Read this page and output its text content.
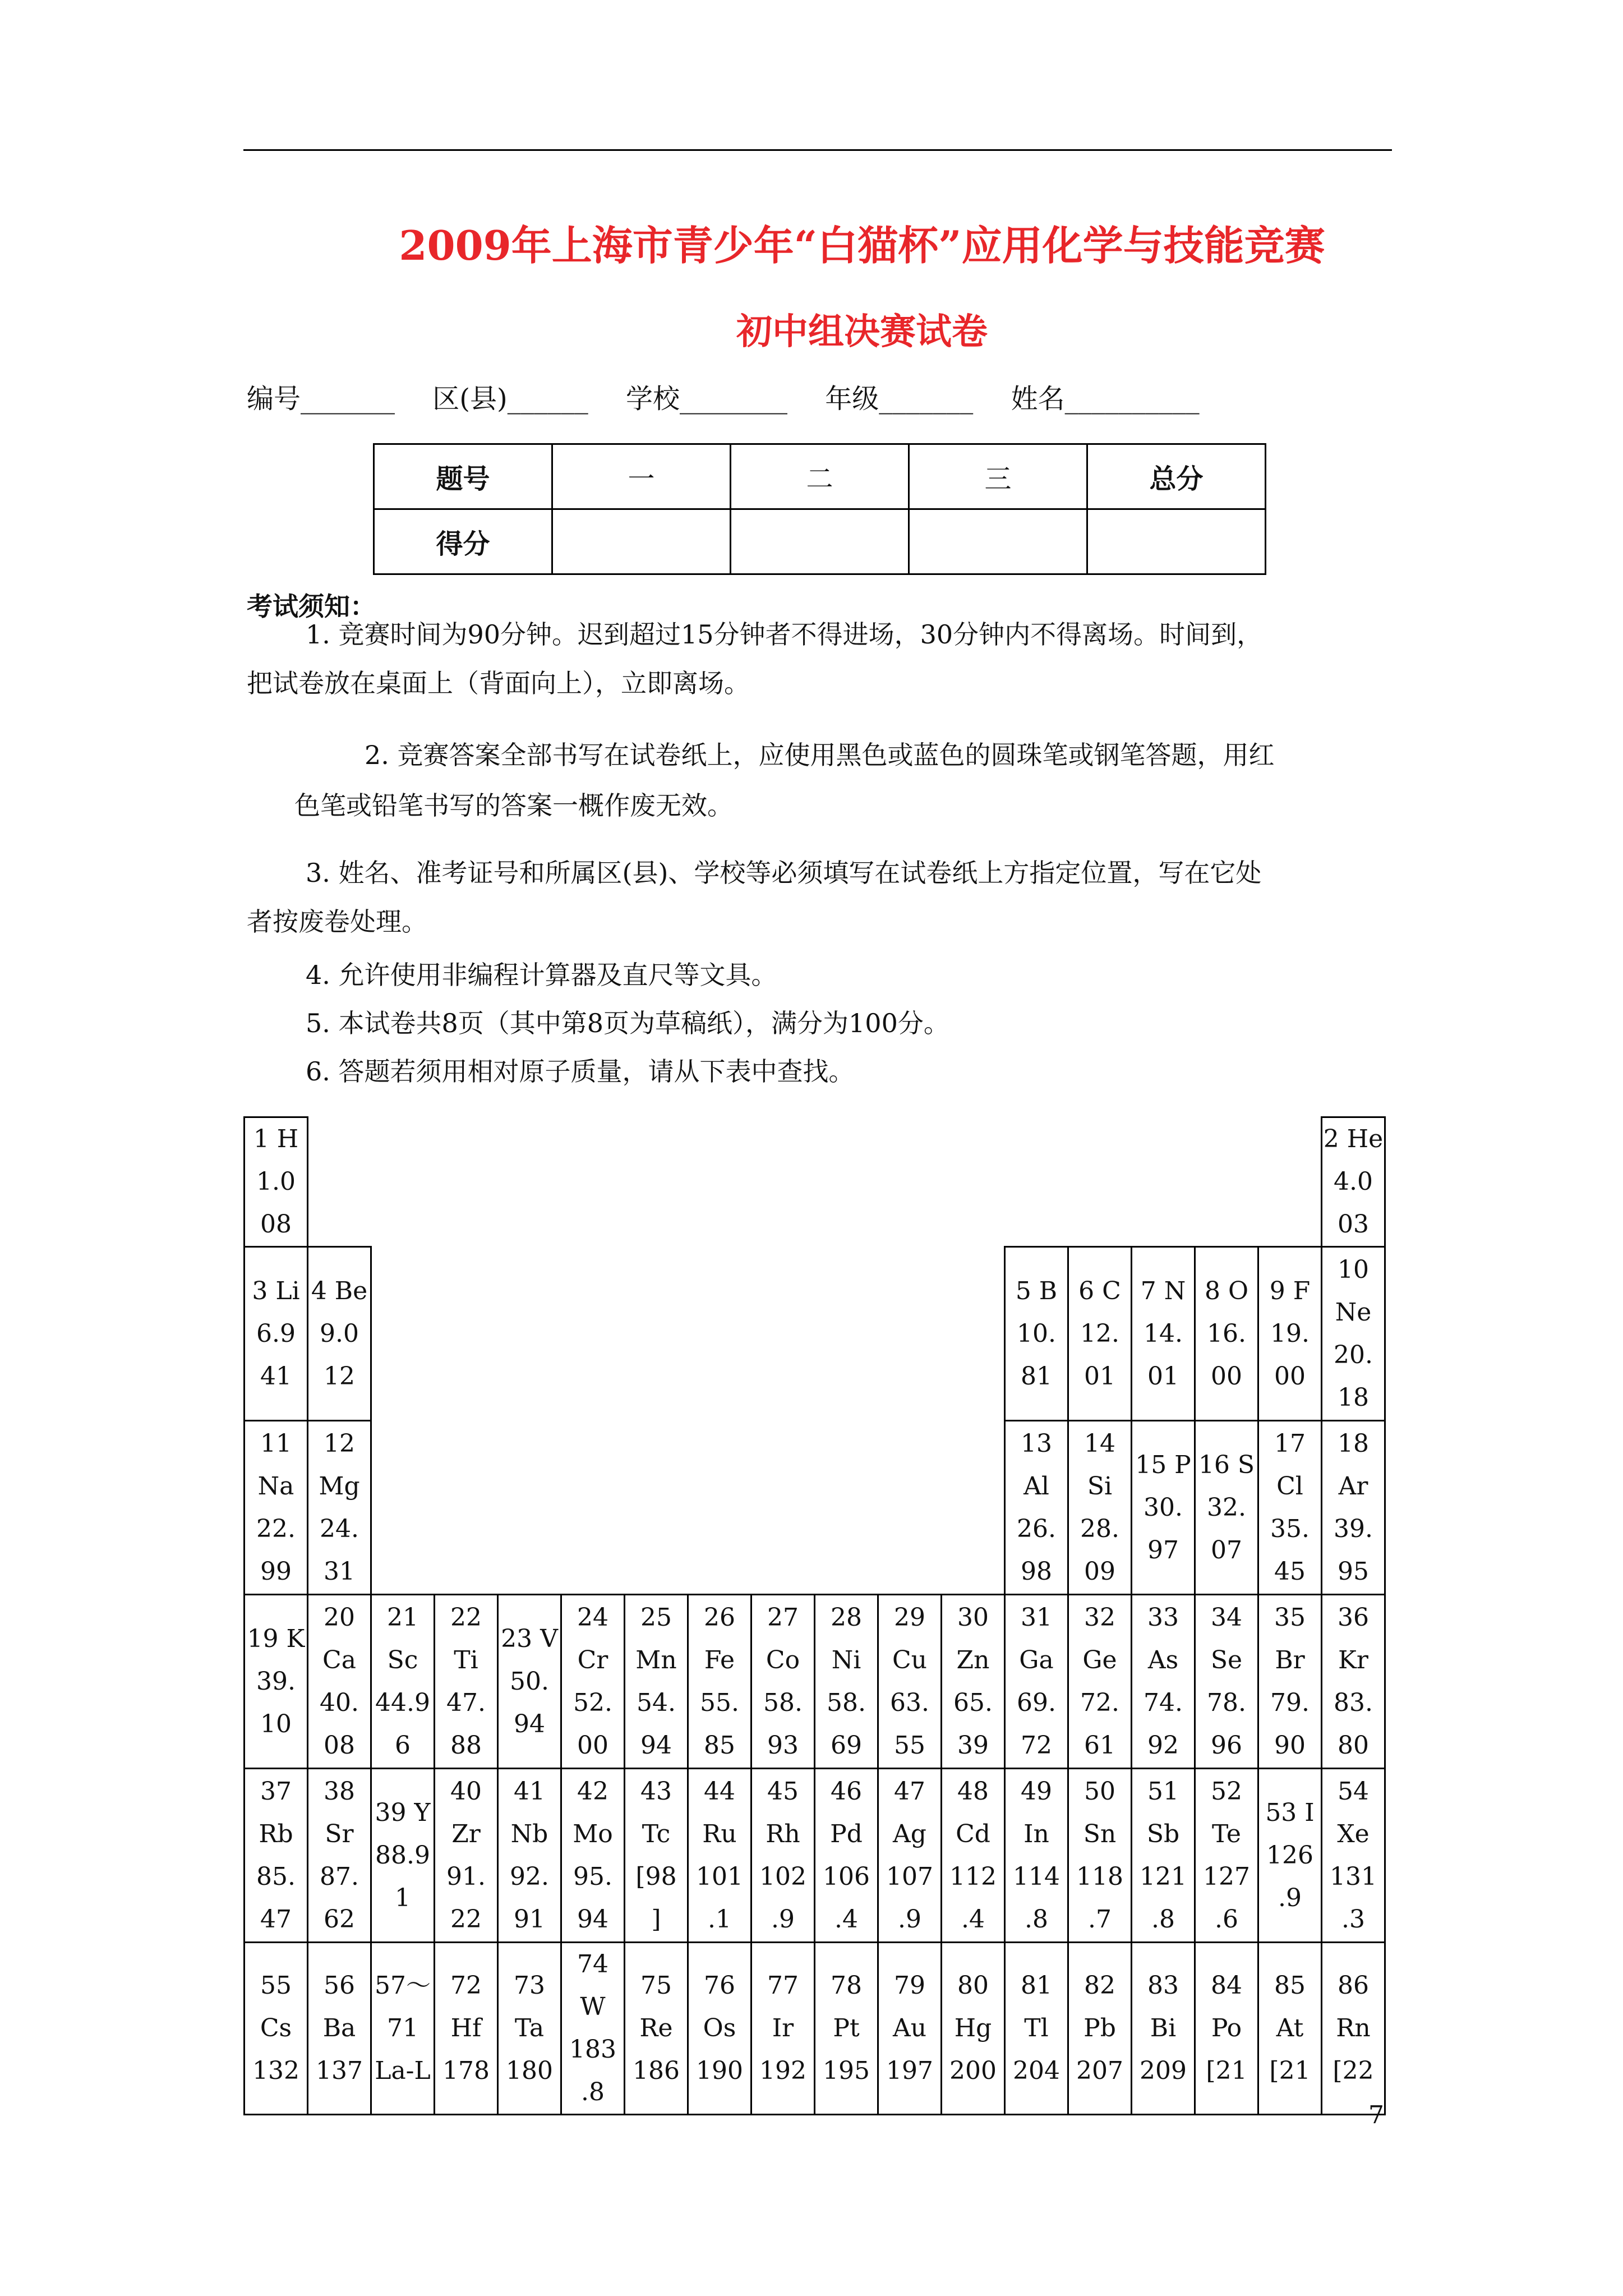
2009年上海市青少年“白猫杯”应用化学与技能竞赛
初中组决赛试卷
编号_______ 区(县)______ 学校________ 年级_______ 姓名__________
题号	一	二	三	总分
得分				
考试须知：
1. 竞赛时间为90分钟。迟到超过15分钟者不得进场，30分钟内不得离场。时间到，
把试卷放在桌面上（背面向上），立即离场。
2. 竞赛答案全部书写在试卷纸上，应使用黑色或蓝色的圆珠笔或钢笔答题，用红
色笔或铅笔书写的答案一概作废无效。
3. 姓名、准考证号和所属区(县)、学校等必须填写在试卷纸上方指定位置，写在它处
者按废卷处理。
4. 允许使用非编程计算器及直尺等文具。
5. 本试卷共8页（其中第8页为草稿纸），满分为100分。
6. 答题若须用相对原子质量，请从下表中查找。
1 H
1.0
08																	2 He
4.0
03

3 Li
6.9
41	4 Be
9.0
12											5 B
10.
81	6 C
12.
01	7 N
14.
01	8 O
16.
00	9 F
19.
00	10
Ne
20.
18

11
Na
22.
99	12
Mg
24.
31											13
Al
26.
98	14
Si
28.
09	15 P
30.
97	16 S
32.
07	17
Cl
35.
45	18
Ar
39.
95

19 K
39.
10	20
Ca
40.
08	21
Sc
44.9
6	22
Ti
47.
88	23 V
50.
94	24
Cr
52.
00	25
Mn
54.
94	26
Fe
55.
85	27
Co
58.
93	28
Ni
58.
69	29
Cu
63.
55	30
Zn
65.
39	31
Ga
69.
72	32
Ge
72.
61	33
As
74.
92	34
Se
78.
96	35
Br
79.
90	36
Kr
83.
80

37
Rb
85.
47	38
Sr
87.
62	39 Y
88.9
1	40
Zr
91.
22	41
Nb
92.
91	42
Mo
95.
94	43
Tc
[98
]	44
Ru
101
.1	45
Rh
102
.9	46
Pd
106
.4	47
Ag
107
.9	48
Cd
112
.4	49
In
114
.8	50
Sn
118
.7	51
Sb
121
.8	52
Te
127
.6	53 I
126
.9	54
Xe
131
.3

55
Cs
132	56
Ba
137	57～
71
La-L	72
Hf
178	73
Ta
180	74 W
183
.8	75
Re
186	76
Os
190	77
Ir
192	78
Pt
195	79
Au
197	80
Hg
200	81
Tl
204	82
Pb
207	83
Bi
209	84
Po
[21	85
At
[21	86
Rn
[22
7
